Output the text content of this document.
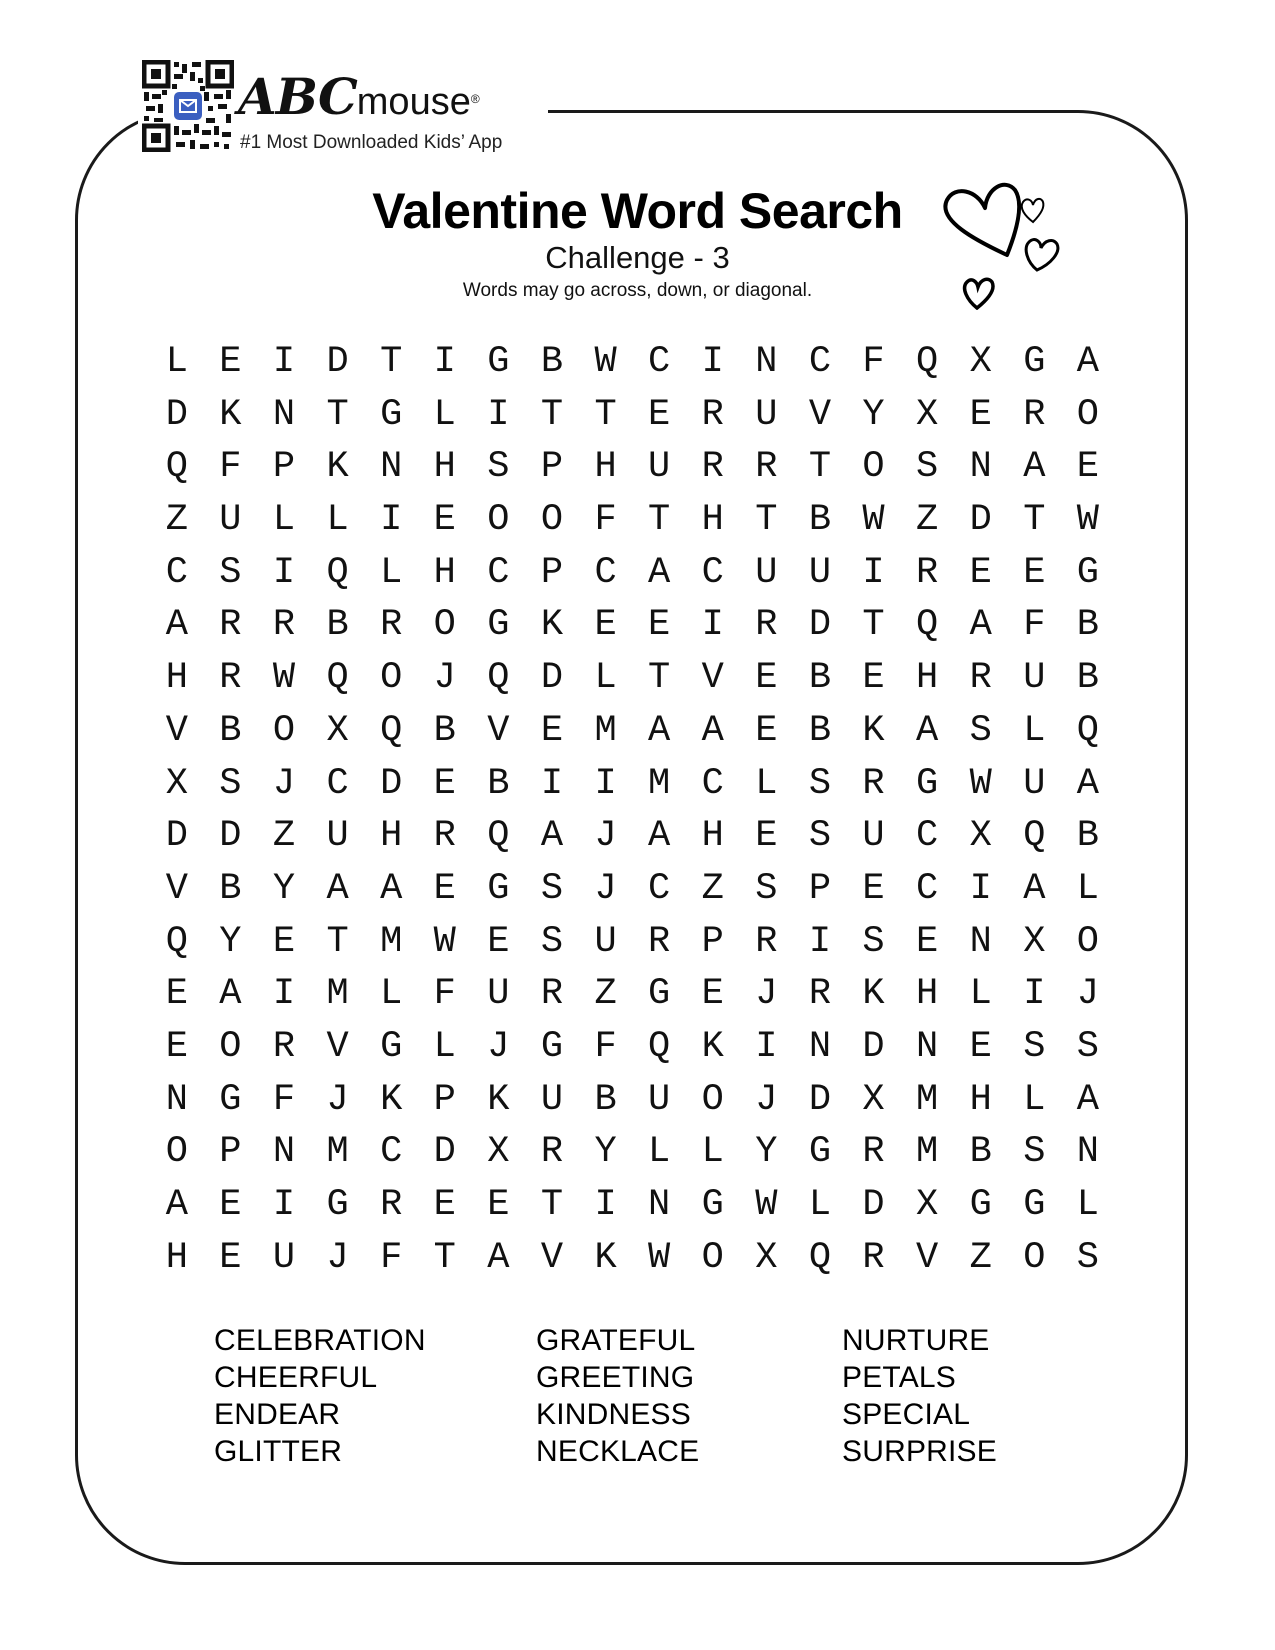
ABCmouse®
#1 Most Downloaded Kids’ App
Valentine Word Search
Challenge - 3
Words may go across, down, or diagonal.
L E I D T I G B W C I N C F Q X G A
D K N T G L I T T E R U V Y X E R O
Q F P K N H S P H U R R T O S N A E
Z U L L I E O O F T H T B W Z D T W
C S I Q L H C P C A C U U I R E E G
A R R B R O G K E E I R D T Q A F B
H R W Q O J Q D L T V E B E H R U B
V B O X Q B V E M A A E B K A S L Q
X S J C D E B I I M C L S R G W U A
D D Z U H R Q A J A H E S U C X Q B
V B Y A A E G S J C Z S P E C I A L
Q Y E T M W E S U R P R I S E N X O
E A I M L F U R Z G E J R K H L I J
E O R V G L J G F Q K I N D N E S S
N G F J K P K U B U O J D X M H L A
O P N M C D X R Y L L Y G R M B S N
A E I G R E E T I N G W L D X G G L
H E U J F T A V K W O X Q R V Z O S
CELEBRATION
CHEERFUL
ENDEAR
GLITTER
GRATEFUL
GREETING
KINDNESS
NECKLACE
NURTURE
PETALS
SPECIAL
SURPRISE
